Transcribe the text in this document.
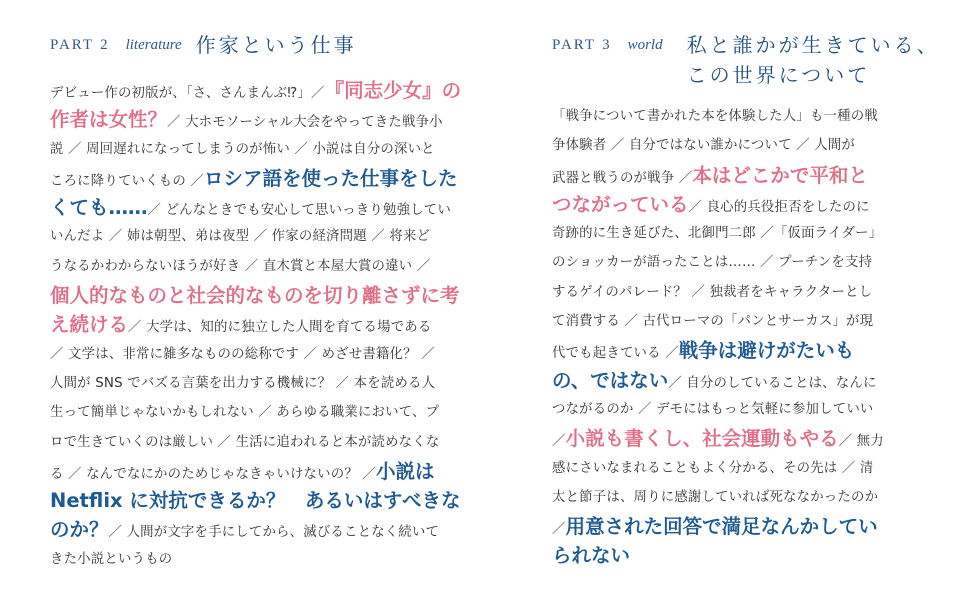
PART 2 literature 作家という仕事
デビュー作の初版が、「さ、さんまんぶ⁉」／『同志少女』の
作者は女性？／ 大ホモソーシャル大会をやってきた戦争小
説 ／ 周回遅れになってしまうのが怖い ／ 小説は自分の深いと
ころに降りていくもの ／ロシア語を使った仕事をした
くても……／ どんなときでも安心して思いっきり勉強してい
いんだよ ／ 姉は朝型、弟は夜型 ／ 作家の経済問題 ／ 将来ど
うなるかわからないほうが好き ／ 直木賞と本屋大賞の違い ／
個人的なものと社会的なものを切り離さずに考
え続ける／ 大学は、知的に独立した人間を育てる場である
／ 文学は、非常に雑多なものの総称です ／ めざせ書籍化？ ／
人間が SNS でバズる言葉を出力する機械に？ ／ 本を読める人
生って簡単じゃないかもしれない ／ あらゆる職業において、プ
ロで生きていくのは厳しい ／ 生活に追われると本が読めなくな
る ／ なんでなにかのためじゃなきゃいけないの？ ／小説は
Netflix に対抗できるか？　あるいはすべきな
のか？／ 人間が文字を手にしてから、滅びることなく続いて
きた小説というもの
PART 3 world 私と誰かが生きている、
この世界について
「戦争について書かれた本を体験した人」も一種の戦
争体験者 ／ 自分ではない誰かについて ／ 人間が
武器と戦うのが戦争 ／本はどこかで平和と
つながっている／ 良心的兵役拒否をしたのに
奇跡的に生き延びた、北御門二郎 ／「仮面ライダー」
のショッカーが語ったことは…… ／ プーチンを支持
するゲイのパレード？ ／ 独裁者をキャラクターとし
て消費する ／ 古代ローマの「パンとサーカス」が現
代でも起きている ／戦争は避けがたいも
の、ではない／ 自分のしていることは、なんに
つながるのか ／ デモにはもっと気軽に参加していい
／小説も書くし、社会運動もやる／ 無力
感にさいなまれることもよく分かる、その先は ／ 清
太と節子は、周りに感謝していれば死ななかったのか
／用意された回答で満足なんかしてい
られない
